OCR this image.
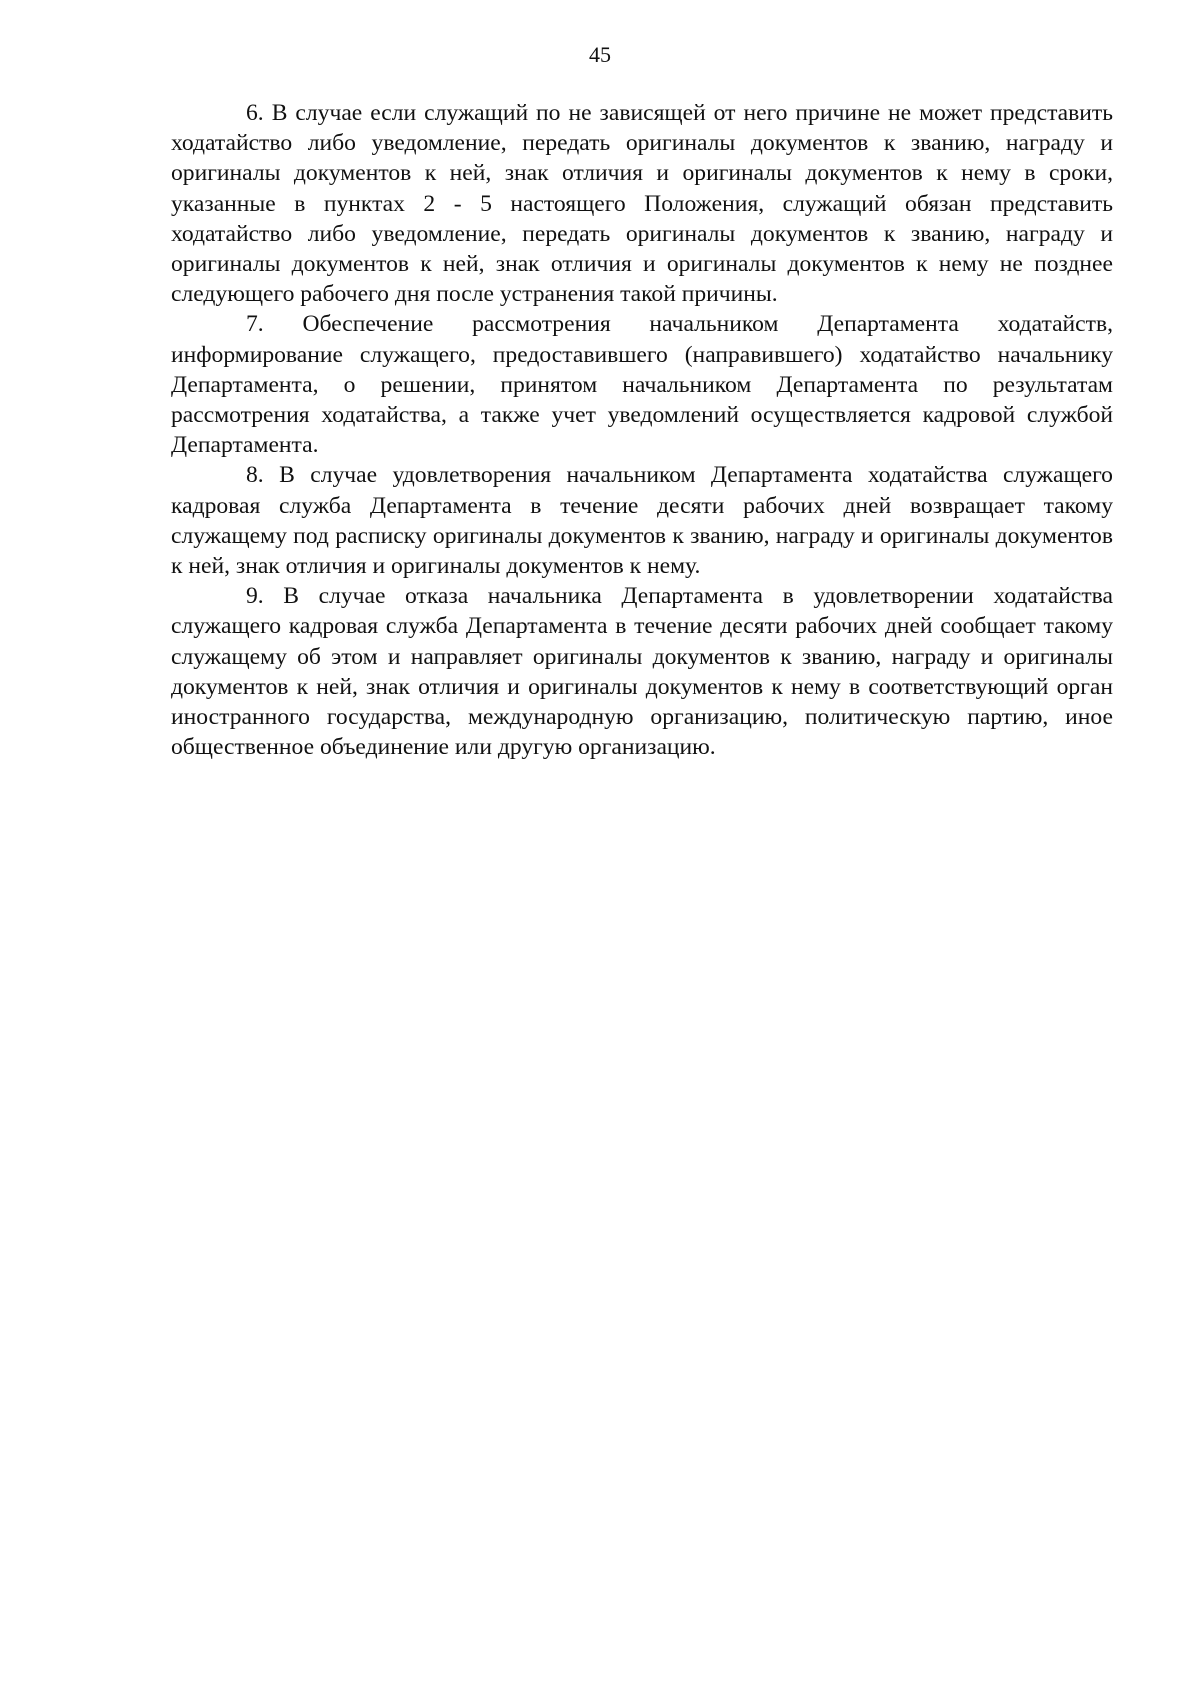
45

6. В случае если служащий по не зависящей от него причине не может представить ходатайство либо уведомление, передать оригиналы документов к званию, награду и оригиналы документов к ней, знак отличия и оригиналы документов к нему в сроки, указанные в пунктах 2 - 5 настоящего Положения, служащий обязан представить ходатайство либо уведомление, передать оригиналы документов к званию, награду и оригиналы документов к ней, знак отличия и оригиналы документов к нему не позднее следующего рабочего дня после устранения такой причины.

7. Обеспечение рассмотрения начальником Департамента ходатайств, информирование служащего, предоставившего (направившего) ходатайство начальнику Департамента, о решении, принятом начальником Департамента по результатам рассмотрения ходатайства, а также учет уведомлений осуществляется кадровой службой Департамента.

8. В случае удовлетворения начальником Департамента ходатайства служащего кадровая служба Департамента в течение десяти рабочих дней возвращает такому служащему под расписку оригиналы документов к званию, награду и оригиналы документов к ней, знак отличия и оригиналы документов к нему.

9. В случае отказа начальника Департамента в удовлетворении ходатайства служащего кадровая служба Департамента в течение десяти рабочих дней сообщает такому служащему об этом и направляет оригиналы документов к званию, награду и оригиналы документов к ней, знак отличия и оригиналы документов к нему в соответствующий орган иностранного государства, международную организацию, политическую партию, иное общественное объединение или другую организацию.
